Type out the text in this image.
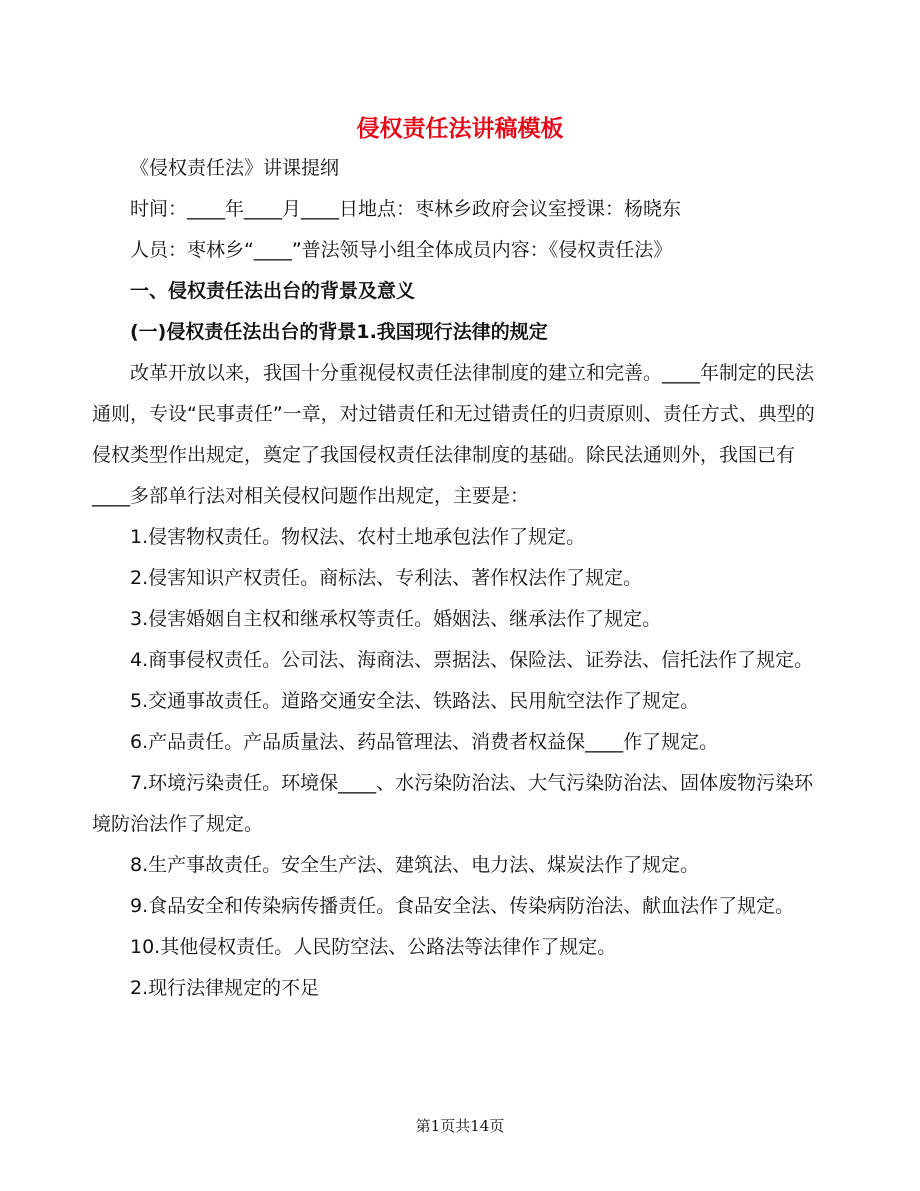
侵权责任法讲稿模板

《侵权责任法》讲课提纲

时间：____年____月____日地点：枣林乡政府会议室授课：杨晓东

人员：枣林乡“____”普法领导小组全体成员内容：《侵权责任法》

一、侵权责任法出台的背景及意义

(一)侵权责任法出台的背景1.我国现行法律的规定

改革开放以来，我国十分重视侵权责任法律制度的建立和完善。____年制定的民法通则，专设“民事责任”一章，对过错责任和无过错责任的归责原则、责任方式、典型的侵权类型作出规定，奠定了我国侵权责任法律制度的基础。除民法通则外，我国已有____多部单行法对相关侵权问题作出规定，主要是：

1.侵害物权责任。物权法、农村土地承包法作了规定。

2.侵害知识产权责任。商标法、专利法、著作权法作了规定。

3.侵害婚姻自主权和继承权等责任。婚姻法、继承法作了规定。

4.商事侵权责任。公司法、海商法、票据法、保险法、证券法、信托法作了规定。

5.交通事故责任。道路交通安全法、铁路法、民用航空法作了规定。

6.产品责任。产品质量法、药品管理法、消费者权益保____作了规定。

7.环境污染责任。环境保____、水污染防治法、大气污染防治法、固体废物污染环境防治法作了规定。

8.生产事故责任。安全生产法、建筑法、电力法、煤炭法作了规定。

9.食品安全和传染病传播责任。食品安全法、传染病防治法、献血法作了规定。

10.其他侵权责任。人民防空法、公路法等法律作了规定。

2.现行法律规定的不足

第1页共14页
